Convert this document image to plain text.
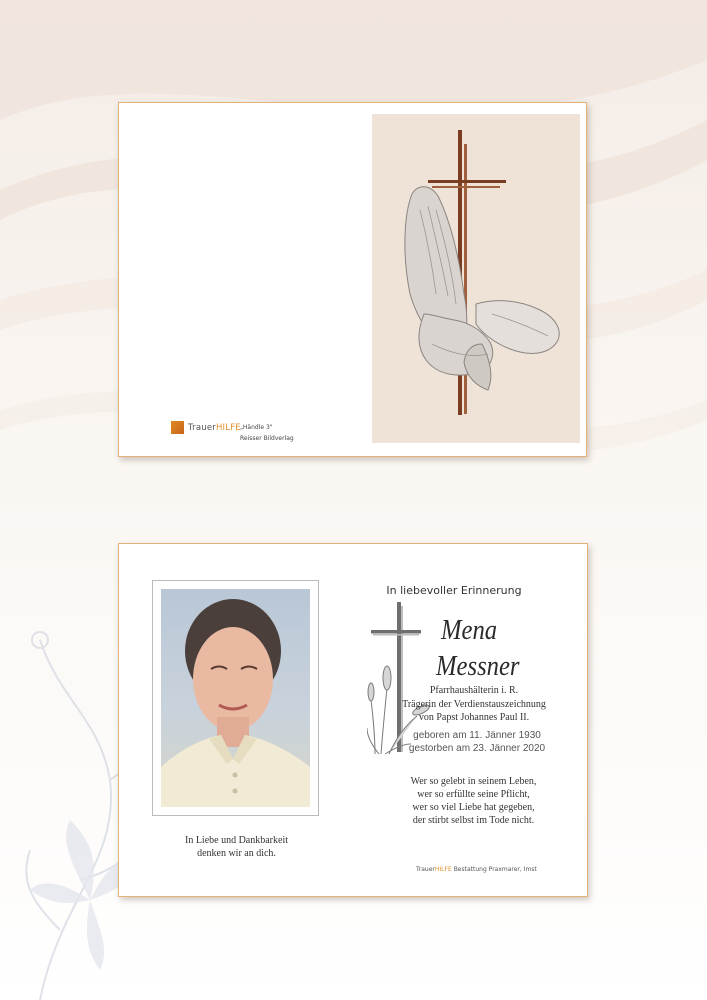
TrauerHILFE „Händle 3"
Reisser Bildverlag
In liebevoller Erinnerung
Mena
Messner
Pfarrhaushälterin i. R.
Trägerin der Verdienstauszeichnung
von Papst Johannes Paul II.
geboren am 11. Jänner 1930
gestorben am 23. Jänner 2020
Wer so gelebt in seinem Leben,
wer so erfüllte seine Pflicht,
wer so viel Liebe hat gegeben,
der stirbt selbst im Tode nicht.
In Liebe und Dankbarkeit
denken wir an dich.
TrauerHILFE Bestattung Praxmarer, Imst
